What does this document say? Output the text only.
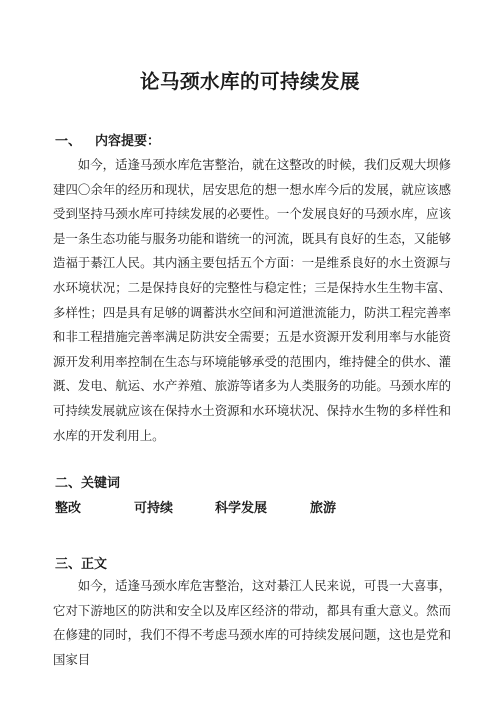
论马颈水库的可持续发展
一、 内容提要：

如今，适逢马颈水库危害整治，就在这整改的时候，我们反观大坝修建四〇余年的经历和现状，居安思危的想一想水库今后的发展，就应该感受到坚持马颈水库可持续发展的必要性。一个发展良好的马颈水库，应该是一条生态功能与服务功能和谐统一的河流，既具有良好的生态，又能够造福于綦江人民。其内涵主要包括五个方面：一是维系良好的水土资源与水环境状况；二是保持良好的完整性与稳定性；三是保持水生生物丰富、多样性；四是具有足够的调蓄洪水空间和河道泄流能力，防洪工程完善率和非工程措施完善率满足防洪安全需要；五是水资源开发利用率与水能资源开发利用率控制在生态与环境能够承受的范围内，维持健全的供水、灌溉、发电、航运、水产养殖、旅游等诸多为人类服务的功能。马颈水库的可持续发展就应该在保持水土资源和水环境状况、保持水生物的多样性和水库的开发利用上。

二、关键词
整改	可持续	科学发展	旅游
三、正文

如今，适逢马颈水库危害整治，这对綦江人民来说，可畏一大喜事，它对下游地区的防洪和安全以及库区经济的带动，都具有重大意义。然而在修建的同时，我们不得不考虑马颈水库的可持续发展问题，这也是党和国家目
